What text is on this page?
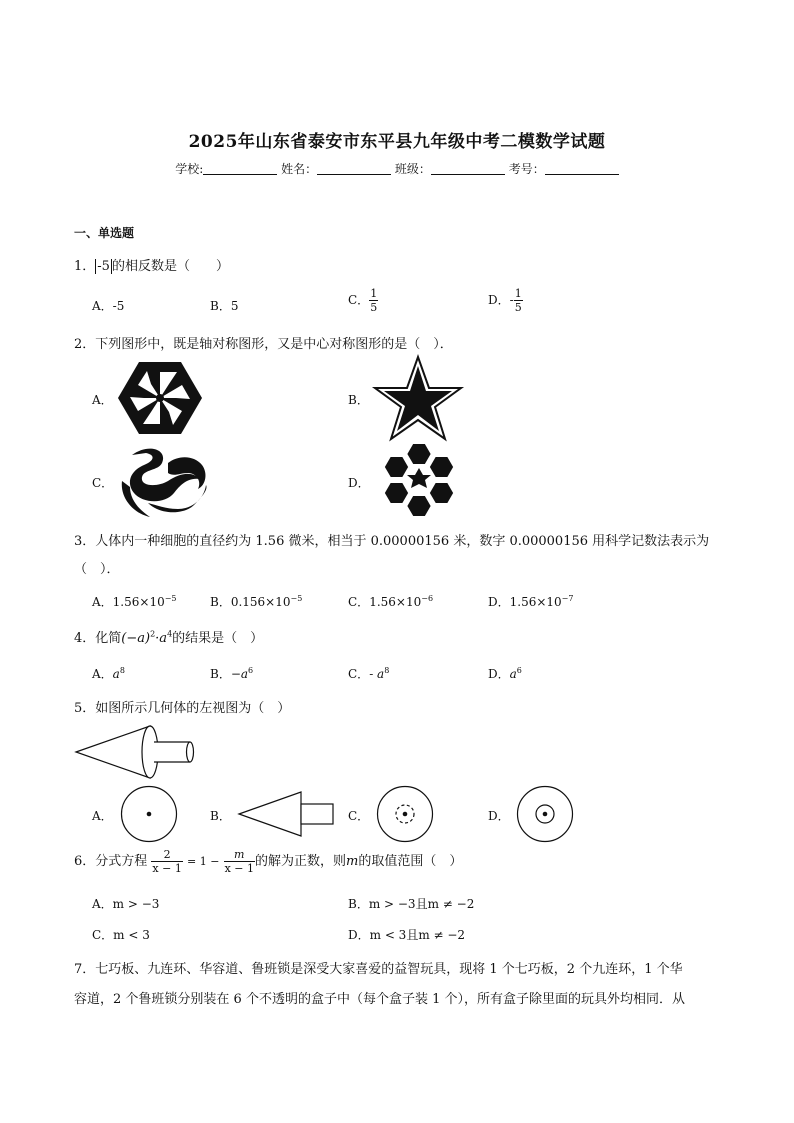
2025年山东省泰安市东平县九年级中考二模数学试题
学校:	姓名：	班级：	考号：
一、单选题
1． -5 的相反数是（　　）
A．-5	B．5	C． $\frac{1}{5}$	D．- $\frac{1}{5}$
2．下列图形中，既是轴对称图形，又是中心对称图形的是（　）．
A．	B．
C．	D．
3．人体内一种细胞的直径约为 1.56 微米，相当于 0.00000156 米，数字 0.00000156 用科学记数法表示为
（　）．
A．$1.56\times 10^{-5}$	B．$0.156\times 10^{-5}$	C．$1.56\times 10^{-6}$	D．$1.56\times 10^{-7}$
4．化简$(-a)^2\cdot a^4$的结果是（　）
A．$a^8$	B．$-a^6$	C．- $a^8$	D．$a^6$
5．如图所示几何体的左视图为（　）
A．	B．	C．	D．
6．分式方程 $\frac{2}{x - 1} = 1 - \frac{m}{x - 1}$ 的解为正数，则m的取值范围（　）
A．m > −3	B．m > −3且m ≠ −2
C．m < 3	D．m < 3且m ≠ −2
7．七巧板、九连环、华容道、鲁班锁是深受大家喜爱的益智玩具，现将 1 个七巧板，2 个九连环，1 个华
容道，2 个鲁班锁分别装在 6 个不透明的盒子中（每个盒子装 1 个），所有盒子除里面的玩具外均相同．从
